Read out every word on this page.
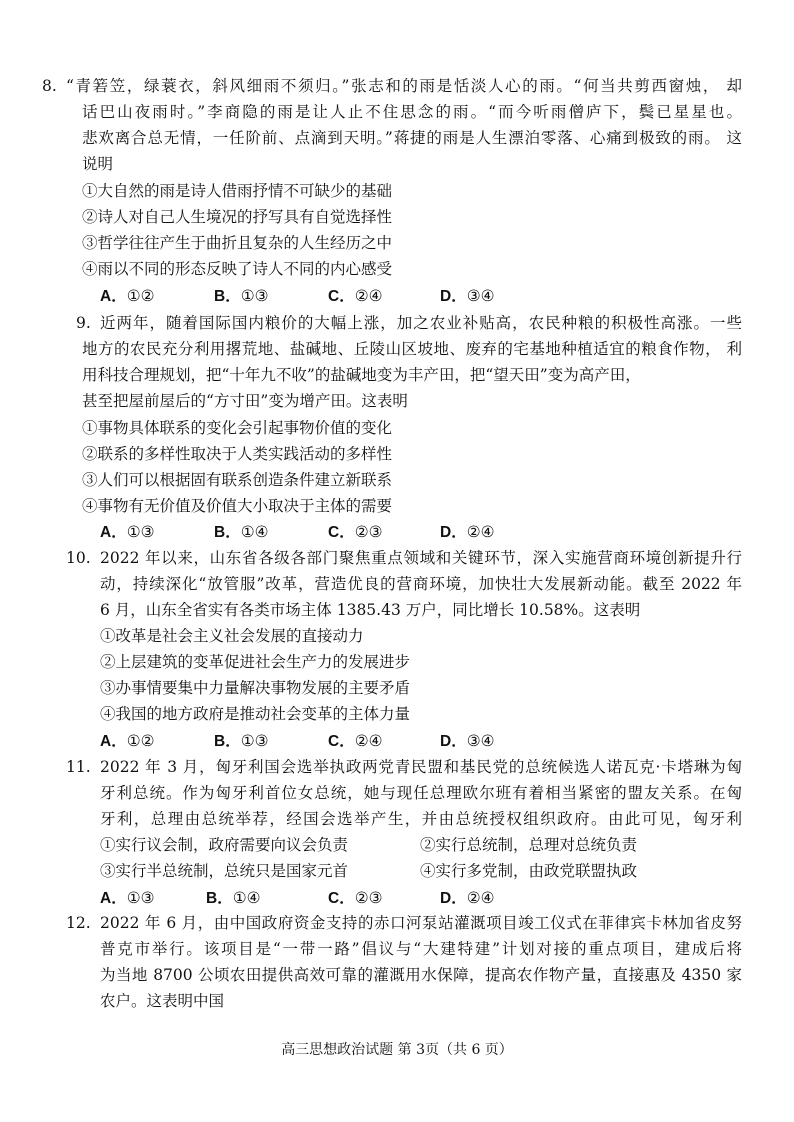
8. “青箬笠，绿蓑衣，斜风细雨不须归。”张志和的雨是恬淡人心的雨。“何当共剪西窗烛， 却
话巴山夜雨时。”李商隐的雨是让人止不住思念的雨。“而今听雨僧庐下，鬓已星星也。
悲欢离合总无情，一任阶前、点滴到天明。”蒋捷的雨是人生漂泊零落、心痛到极致的雨。 这
说明
①大自然的雨是诗人借雨抒情不可缺少的基础
②诗人对自己人生境况的抒写具有自觉选择性
③哲学往往产生于曲折且复杂的人生经历之中
④雨以不同的形态反映了诗人不同的内心感受
A．①②	B．①③	C．②④	D．③④
9. 近两年，随着国际国内粮价的大幅上涨，加之农业补贴高，农民种粮的积极性高涨。一些
地方的农民充分利用撂荒地、盐碱地、丘陵山区坡地、废弃的宅基地种植适宜的粮食作物， 利
用科技合理规划，把“十年九不收”的盐碱地变为丰产田，把“望天田”变为高产田，
甚至把屋前屋后的“方寸田”变为增产田。这表明
①事物具体联系的变化会引起事物价值的变化
②联系的多样性取决于人类实践活动的多样性
③人们可以根据固有联系创造条件建立新联系
④事物有无价值及价值大小取决于主体的需要
A．①③	B．①④	C．②③	D．②④
10. 2022 年以来，山东省各级各部门聚焦重点领域和关键环节，深入实施营商环境创新提升行
动，持续深化“放管服”改革，营造优良的营商环境，加快壮大发展新动能。截至 2022 年
6 月，山东全省实有各类市场主体 1385.43 万户，同比增长 10.58%。这表明
①改革是社会主义社会发展的直接动力
②上层建筑的变革促进社会生产力的发展进步
③办事情要集中力量解决事物发展的主要矛盾
④我国的地方政府是推动社会变革的主体力量
A．①②	B．①③	C．②④	D．③④
11. 2022 年 3 月，匈牙利国会选举执政两党青民盟和基民党的总统候选人诺瓦克·卡塔琳为匈
牙利总统。作为匈牙利首位女总统，她与现任总理欧尔班有着相当紧密的盟友关系。在匈
牙利，总理由总统举荐，经国会选举产生，并由总统授权组织政府。由此可见，匈牙利
①实行议会制，政府需要向议会负责	②实行总统制，总理对总统负责
③实行半总统制，总统只是国家元首	④实行多党制，由政党联盟执政
A．①③	B．①④	C．②③	D．②④
12. 2022 年 6 月，由中国政府资金支持的赤口河泵站灌溉项目竣工仪式在菲律宾卡林加省皮努
普克市举行。该项目是“一带一路”倡议与“大建特建”计划对接的重点项目，建成后将
为当地 8700 公顷农田提供高效可靠的灌溉用水保障，提高农作物产量，直接惠及 4350 家
农户。这表明中国
高三思想政治试题 第 3页（共 6 页）
